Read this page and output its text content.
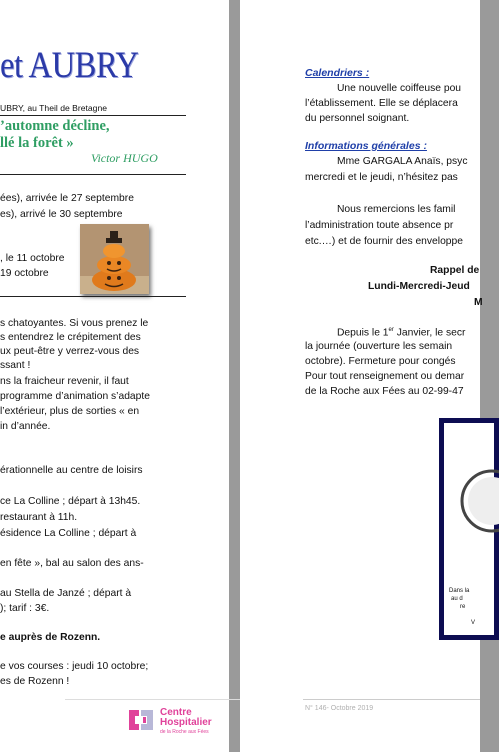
et AUBRY
UBRY, au Theil de Bretagne
’automne décline,
llé la forêt »
Victor HUGO
ées), arrivée le 27 septembre
es), arrivé le 30 septembre
, le 11 octobre
19 octobre
s chatoyantes. Si vous prenez le
s entendrez le crépitement des
ux peut-être y verrez-vous des
ssant !
ns la fraicheur revenir, il faut
programme d’animation s’adapte
l’extérieur, plus de sorties « en
in d’année.
érationnelle au centre de loisirs
ce La Colline ; départ à 13h45.
restaurant à 11h.
ésidence La Colline ; départ à
en fête », bal au salon des ans-
au Stella de Janzé ; départ à
); tarif : 3€.
e auprès de Rozenn.
e vos courses : jeudi 10 octobre;
es de Rozenn !
Centre
Hospitalier
de la Roche aux Fées
Calendriers :
Une nouvelle coiffeuse pou
l’établissement. Elle se déplacera
du personnel soignant.
Informations générales :
Mme GARGALA Anaïs, psyc
mercredi et le jeudi, n’hésitez pas
Nous remercions les famil
l’administration toute absence pr
etc.…) et de fournir des enveloppe
Rappel de
Lundi-Mercredi-Jeud
M
Depuis le 1er Janvier, le secr
la journée (ouverture les semain
octobre). Fermeture pour congés
Pour tout renseignement ou demar
de la Roche aux Fées au 02-99-47
Dans la
au d
re
V
N° 146- Octobre 2019
